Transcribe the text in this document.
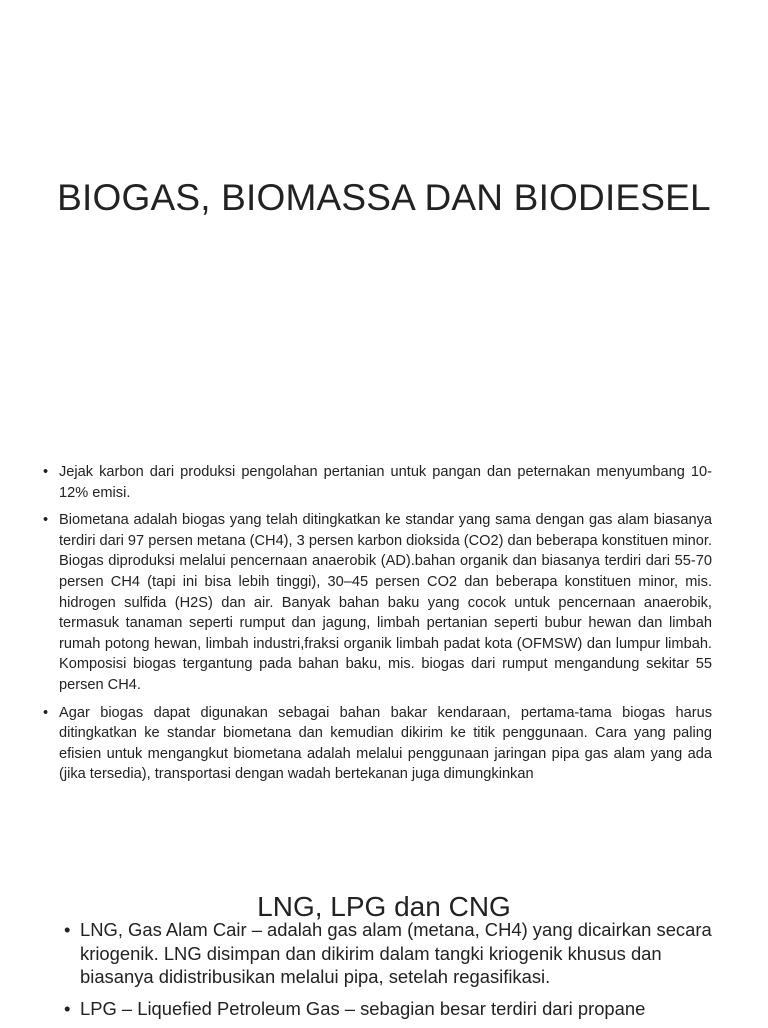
BIOGAS, BIOMASSA DAN BIODIESEL
• Jejak karbon dari produksi pengolahan pertanian untuk pangan dan peternakan menyumbang 10-12% emisi.
• Biometana adalah biogas yang telah ditingkatkan ke standar yang sama dengan gas alam biasanya terdiri dari 97 persen metana (CH4), 3 persen karbon dioksida (CO2) dan beberapa konstituen minor. Biogas diproduksi melalui pencernaan anaerobik (AD).bahan organik dan biasanya terdiri dari 55-70 persen CH4 (tapi ini bisa lebih tinggi), 30–45 persen CO2 dan beberapa konstituen minor, mis. hidrogen sulfida (H2S) dan air. Banyak bahan baku yang cocok untuk pencernaan anaerobik, termasuk tanaman seperti rumput dan jagung, limbah pertanian seperti bubur hewan dan limbah rumah potong hewan, limbah industri,fraksi organik limbah padat kota (OFMSW) dan lumpur limbah. Komposisi biogas tergantung pada bahan baku, mis. biogas dari rumput mengandung sekitar 55 persen CH4.
• Agar biogas dapat digunakan sebagai bahan bakar kendaraan, pertama-tama biogas harus ditingkatkan ke standar biometana dan kemudian dikirim ke titik penggunaan. Cara yang paling efisien untuk mengangkut biometana adalah melalui penggunaan jaringan pipa gas alam yang ada (jika tersedia), transportasi dengan wadah bertekanan juga dimungkinkan
LNG, LPG dan CNG
• LNG, Gas Alam Cair – adalah gas alam (metana, CH4) yang dicairkan secara kriogenik. LNG disimpan dan dikirim dalam tangki kriogenik khusus dan biasanya didistribusikan melalui pipa, setelah regasifikasi.
• LPG – Liquefied Petroleum Gas – sebagian besar terdiri dari propane
